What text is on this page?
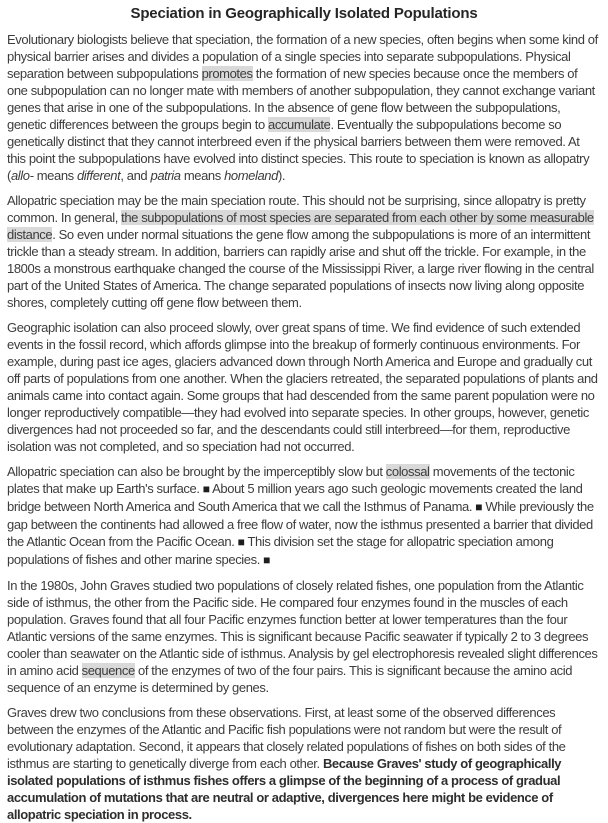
Speciation in Geographically Isolated Populations

Evolutionary biologists believe that speciation, the formation of a new species, often begins when some kind of physical barrier arises and divides a population of a single species into separate subpopulations. Physical separation between subpopulations promotes the formation of new species because once the members of one subpopulation can no longer mate with members of another subpopulation, they cannot exchange variant genes that arise in one of the subpopulations. In the absence of gene flow between the subpopulations, genetic differences between the groups begin to accumulate. Eventually the subpopulations become so genetically distinct that they cannot interbreed even if the physical barriers between them were removed. At this point the subpopulations have evolved into distinct species. This route to speciation is known as allopatry (allo- means different, and patria means homeland).

Allopatric speciation may be the main speciation route. This should not be surprising, since allopatry is pretty common. In general, the subpopulations of most species are separated from each other by some measurable distance. So even under normal situations the gene flow among the subpopulations is more of an intermittent trickle than a steady stream. In addition, barriers can rapidly arise and shut off the trickle. For example, in the 1800s a monstrous earthquake changed the course of the Mississippi River, a large river flowing in the central part of the United States of America. The change separated populations of insects now living along opposite shores, completely cutting off gene flow between them.

Geographic isolation can also proceed slowly, over great spans of time. We find evidence of such extended events in the fossil record, which affords glimpse into the breakup of formerly continuous environments. For example, during past ice ages, glaciers advanced down through North America and Europe and gradually cut off parts of populations from one another. When the glaciers retreated, the separated populations of plants and animals came into contact again. Some groups that had descended from the same parent population were no longer reproductively compatible—they had evolved into separate species. In other groups, however, genetic divergences had not proceeded so far, and the descendants could still interbreed—for them, reproductive isolation was not completed, and so speciation had not occurred.

Allopatric speciation can also be brought by the imperceptibly slow but colossal movements of the tectonic plates that make up Earth's surface. ■ About 5 million years ago such geologic movements created the land bridge between North America and South America that we call the Isthmus of Panama. ■ While previously the gap between the continents had allowed a free flow of water, now the isthmus presented a barrier that divided the Atlantic Ocean from the Pacific Ocean. ■ This division set the stage for allopatric speciation among populations of fishes and other marine species. ■

In the 1980s, John Graves studied two populations of closely related fishes, one population from the Atlantic side of isthmus, the other from the Pacific side. He compared four enzymes found in the muscles of each population. Graves found that all four Pacific enzymes function better at lower temperatures than the four Atlantic versions of the same enzymes. This is significant because Pacific seawater if typically 2 to 3 degrees cooler than seawater on the Atlantic side of isthmus. Analysis by gel electrophoresis revealed slight differences in amino acid sequence of the enzymes of two of the four pairs. This is significant because the amino acid sequence of an enzyme is determined by genes.

Graves drew two conclusions from these observations. First, at least some of the observed differences between the enzymes of the Atlantic and Pacific fish populations were not random but were the result of evolutionary adaptation. Second, it appears that closely related populations of fishes on both sides of the isthmus are starting to genetically diverge from each other. Because Graves' study of geographically isolated populations of isthmus fishes offers a glimpse of the beginning of a process of gradual accumulation of mutations that are neutral or adaptive, divergences here might be evidence of allopatric speciation in process.
